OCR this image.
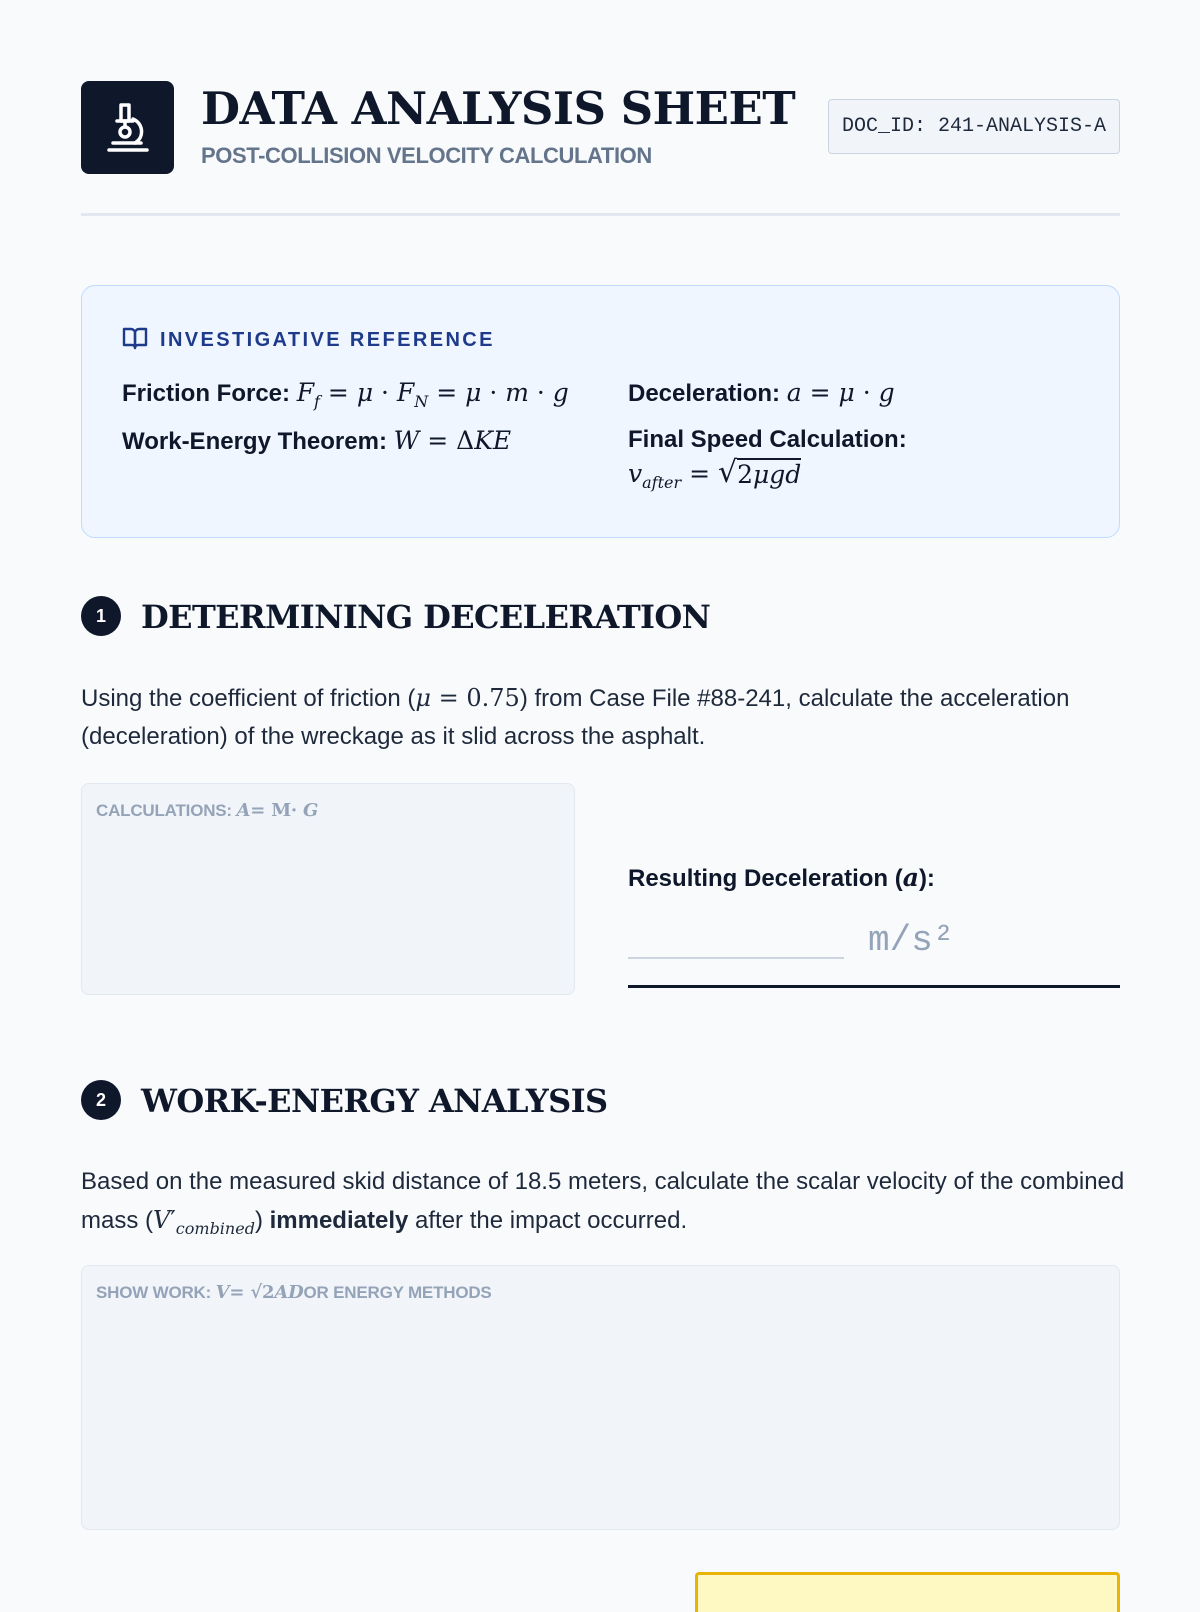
DATA ANALYSIS SHEET
POST-COLLISION VELOCITY CALCULATION
DOC_ID: 241-ANALYSIS-A
INVESTIGATIVE REFERENCE
Friction Force: $F_f = \mu \cdot F_N = \mu \cdot m \cdot g$ Deceleration: a = μ · g
Work-Energy Theorem: W = ΔKE	Final Speed Calculation:
$v_{after}$ = √ 2μgd
1	DETERMINING DECELERATION

Using the coefficient of friction (μ = 0.75) from Case File #88-241, calculate the acceleration (deceleration) of the wreckage as it slid across the asphalt.

CALCULATIONS: A= M· G
Resulting Deceleration (a):
m/s²
2	WORK-ENERGY ANALYSIS

Based on the measured skid distance of 18.5 meters, calculate the scalar velocity of the combined mass $(V'_{combined})$ immediately after the impact occurred.

SHOW WORK: V= √2ADOR ENERGY METHODS
